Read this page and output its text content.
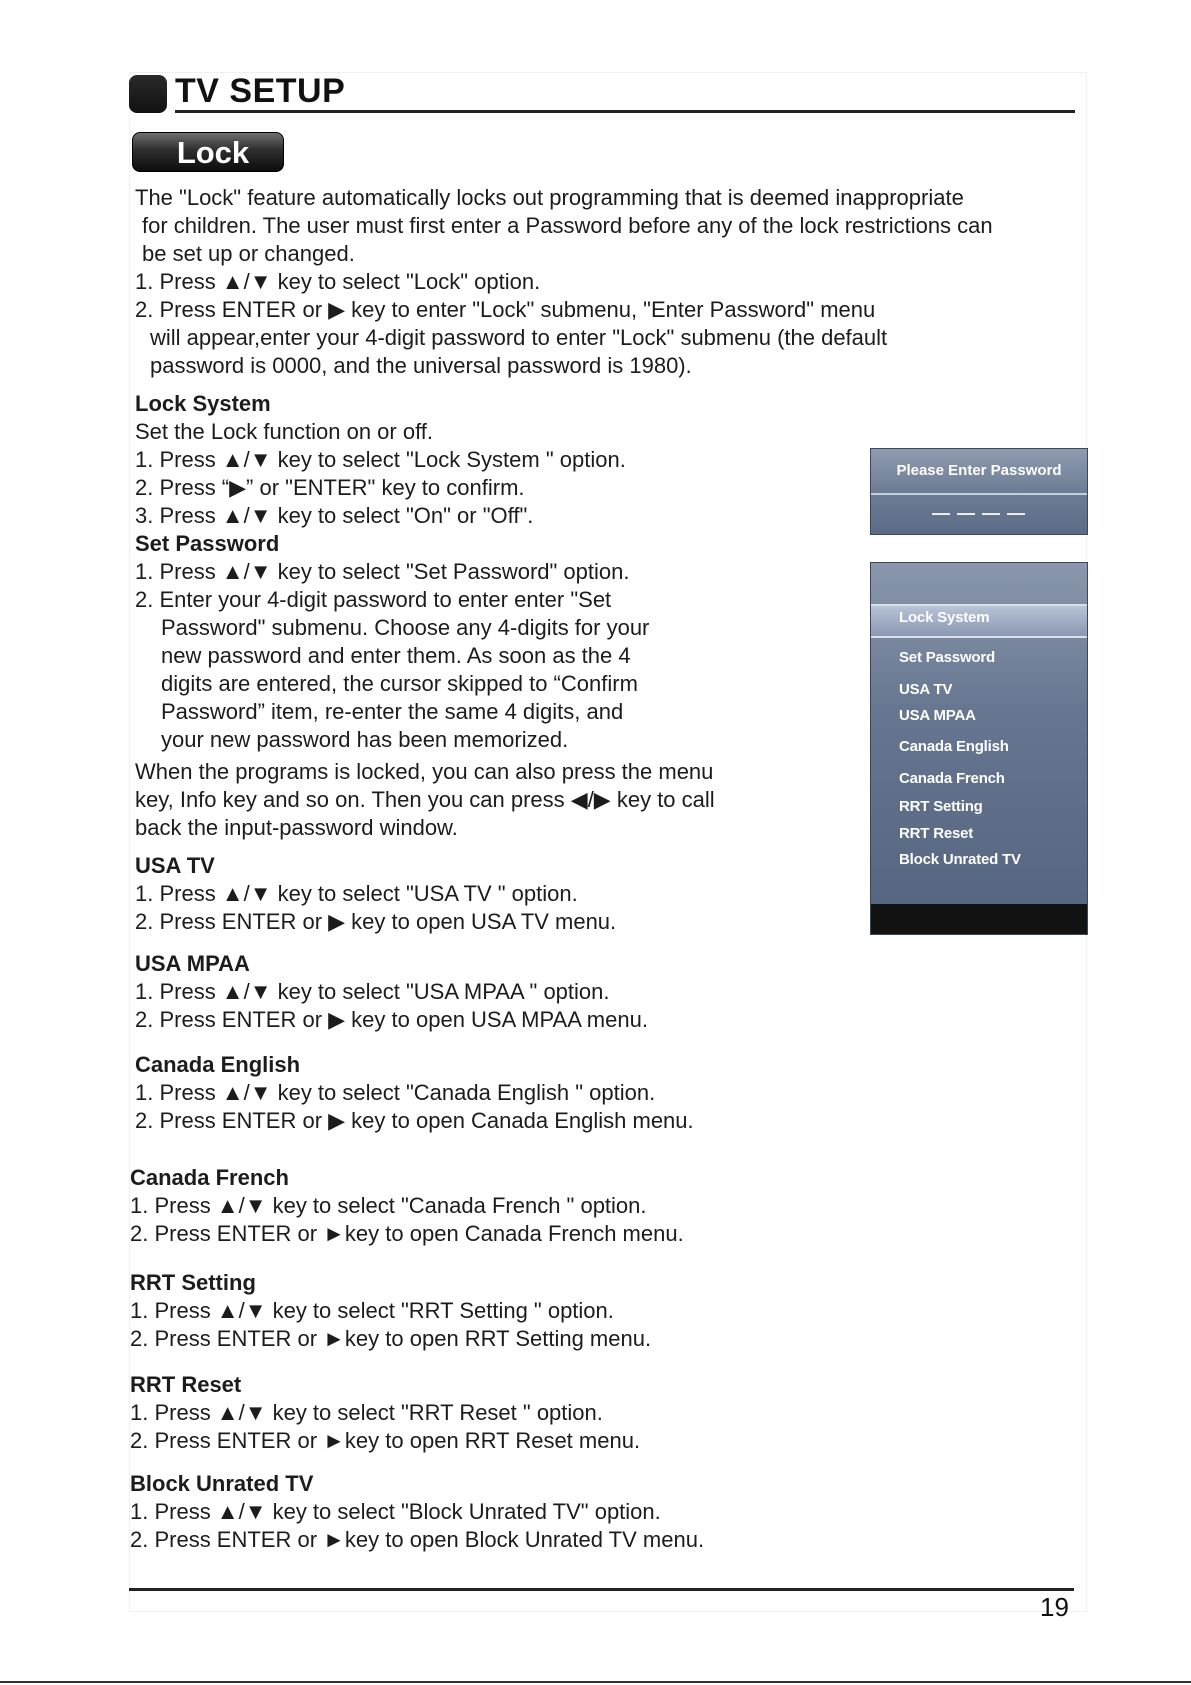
TV SETUP
Lock
The "Lock" feature automatically locks out programming that is deemed inappropriate
for children. The user must first enter a Password before any of the lock restrictions can
be set up or changed.
1. Press ▲/▼ key to select "Lock" option.
2. Press ENTER or ▶ key to enter "Lock" submenu, "Enter Password" menu
will appear,enter your 4-digit password to enter "Lock" submenu (the default
password is 0000, and the universal password is 1980).
Lock System
Set the Lock function on or off.
1. Press ▲/▼ key to select "Lock System " option.
2. Press “▶” or "ENTER" key to confirm.
3. Press ▲/▼ key to select "On" or "Off".
Set Password
1. Press ▲/▼ key to select "Set Password" option.
2. Enter your 4-digit password to enter enter "Set
Password" submenu. Choose any 4-digits for your
new password and enter them. As soon as the 4
digits are entered, the cursor skipped to “Confirm
Password” item, re-enter the same 4 digits, and
your new password has been memorized.
When the programs is locked, you can also press the menu
key, Info key and so on. Then you can press ◀/▶ key to call
back the input-password window.
USA TV
1. Press ▲/▼ key to select "USA TV " option.
2. Press ENTER or ▶ key to open USA TV menu.
USA MPAA
1. Press ▲/▼ key to select "USA MPAA " option.
2. Press ENTER or ▶ key to open USA MPAA menu.
Canada English
1. Press ▲/▼ key to select "Canada English " option.
2. Press ENTER or ▶ key to open Canada English menu.
Canada French
1. Press ▲/▼ key to select "Canada French " option.
2. Press ENTER or ►key to open Canada French menu.
RRT Setting
1. Press ▲/▼ key to select "RRT Setting " option.
2. Press ENTER or ►key to open RRT Setting menu.
RRT Reset
1. Press ▲/▼ key to select "RRT Reset " option.
2. Press ENTER or ►key to open RRT Reset menu.
Block Unrated TV
1. Press ▲/▼ key to select "Block Unrated TV" option.
2. Press ENTER or ►key to open Block Unrated TV menu.
Please Enter Password
— — — —
Lock System
Set Password
USA TV
USA MPAA
Canada English
Canada French
RRT Setting
RRT Reset
Block Unrated TV
19
